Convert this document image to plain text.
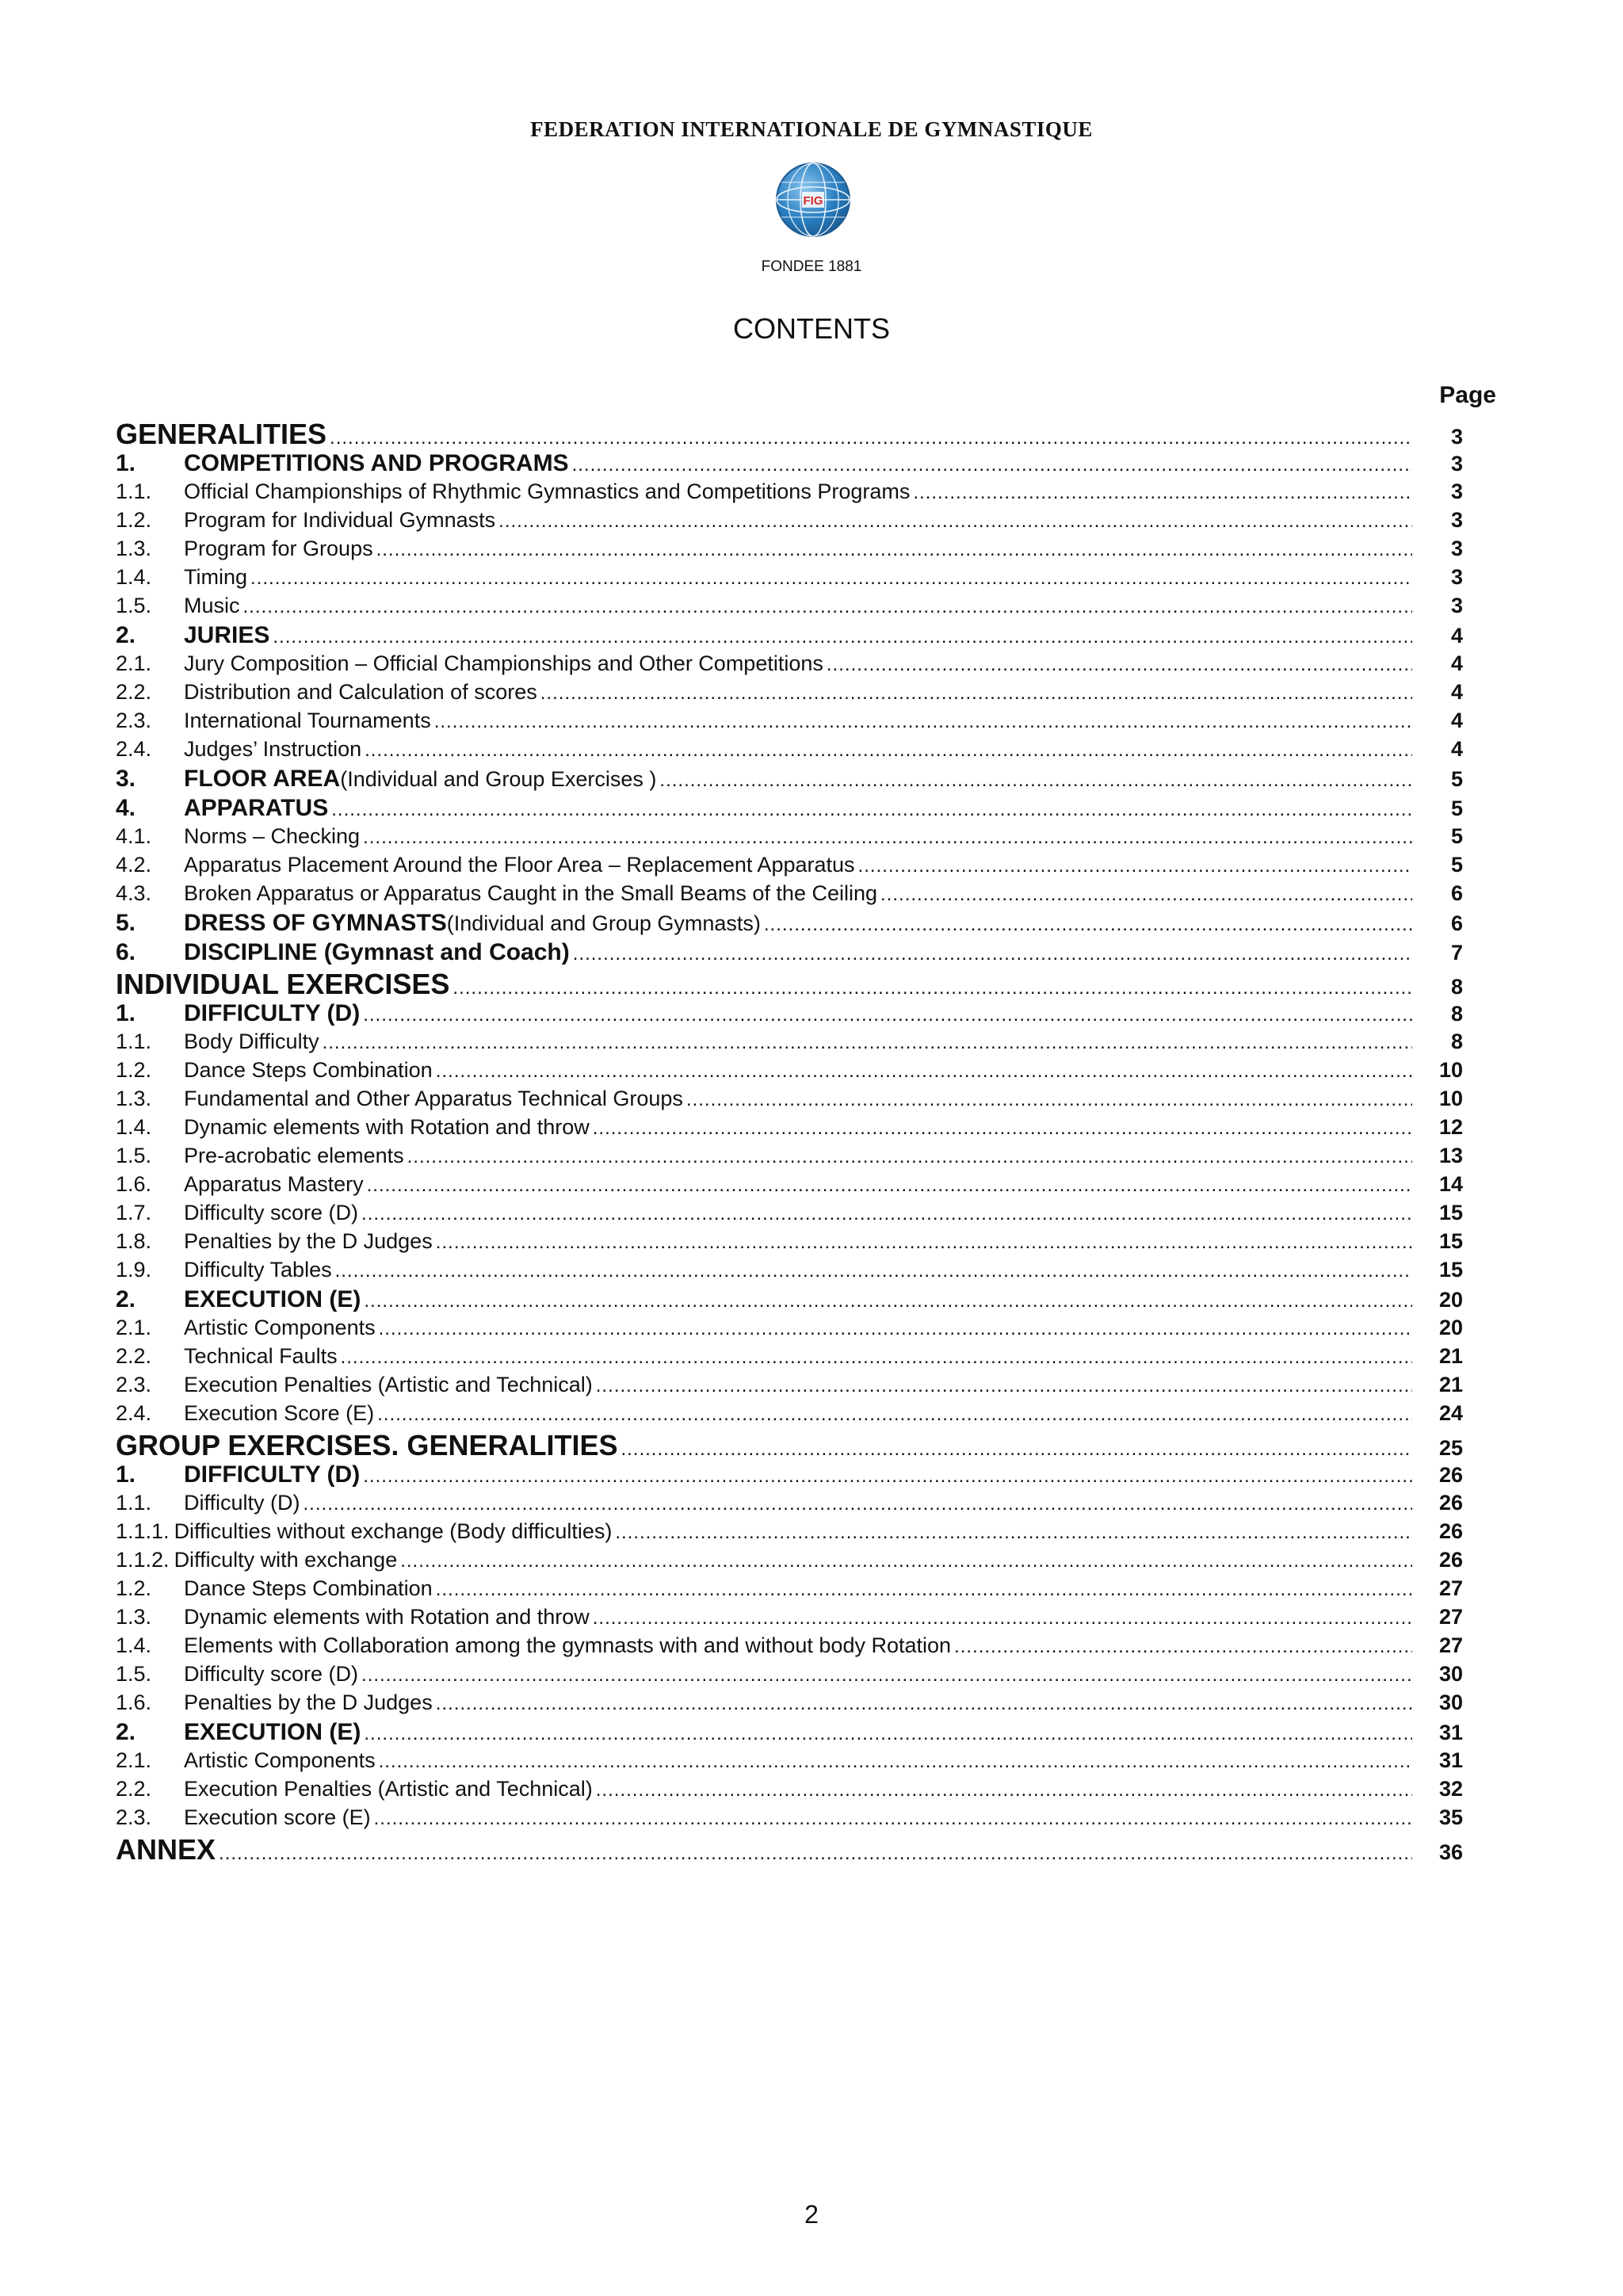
FEDERATION INTERNATIONALE DE GYMNASTIQUE
FIG
FONDEE 1881
CONTENTS
Page
GENERALITIES .....	3
1.	COMPETITIONS AND PROGRAMS .....	3
1.1.	Official Championships of Rhythmic Gymnastics and Competitions Programs .....	3
1.2.	Program for Individual Gymnasts .....	3
1.3.	Program for Groups .....	3
1.4.	Timing .....	3
1.5.	Music .....	3
2.	JURIES .....	4
2.1.	Jury Composition – Official Championships and Other Competitions .....	4
2.2.	Distribution and Calculation of scores .....	4
2.3.	International Tournaments .....	4
2.4.	Judges’ Instruction .....	4
3.	FLOOR AREA (Individual and Group Exercises ) .....	5
4.	APPARATUS .....	5
4.1.	Norms – Checking .....	5
4.2.	Apparatus Placement Around the Floor Area – Replacement Apparatus .....	5
4.3.	Broken Apparatus or Apparatus Caught in the Small Beams of the Ceiling .....	6
5.	DRESS OF GYMNASTS (Individual and Group Gymnasts) .....	6
6.	DISCIPLINE (Gymnast and Coach) .....	7
INDIVIDUAL EXERCISES .....	8
1.	DIFFICULTY (D) .....	8
1.1.	Body Difficulty .....	8
1.2.	Dance Steps Combination .....	10
1.3.	Fundamental and Other Apparatus Technical Groups .....	10
1.4.	Dynamic elements with Rotation and throw .....	12
1.5.	Pre-acrobatic elements .....	13
1.6.	Apparatus Mastery .....	14
1.7.	Difficulty score (D) .....	15
1.8.	Penalties by the D Judges .....	15
1.9.	Difficulty Tables .....	15
2.	EXECUTION (E) .....	20
2.1.	Artistic Components .....	20
2.2.	Technical Faults .....	21
2.3.	Execution Penalties (Artistic and Technical) .....	21
2.4.	Execution Score (E) .....	24
GROUP EXERCISES. GENERALITIES .....	25
1.	DIFFICULTY (D) .....	26
1.1.	Difficulty (D) .....	26
1.1.1. Difficulties without exchange (Body difficulties) .....	26
1.1.2. Difficulty with exchange .....	26
1.2.	Dance Steps Combination .....	27
1.3.	Dynamic elements with Rotation and throw .....	27
1.4.	Elements with Collaboration among the gymnasts with and without body Rotation .....	27
1.5.	Difficulty score (D) .....	30
1.6.	Penalties by the D Judges .....	30
2.	EXECUTION (E) .....	31
2.1.	Artistic Components .....	31
2.2.	Execution Penalties (Artistic and Technical) .....	32
2.3.	Execution score (E) .....	35
ANNEX .....	36
2
